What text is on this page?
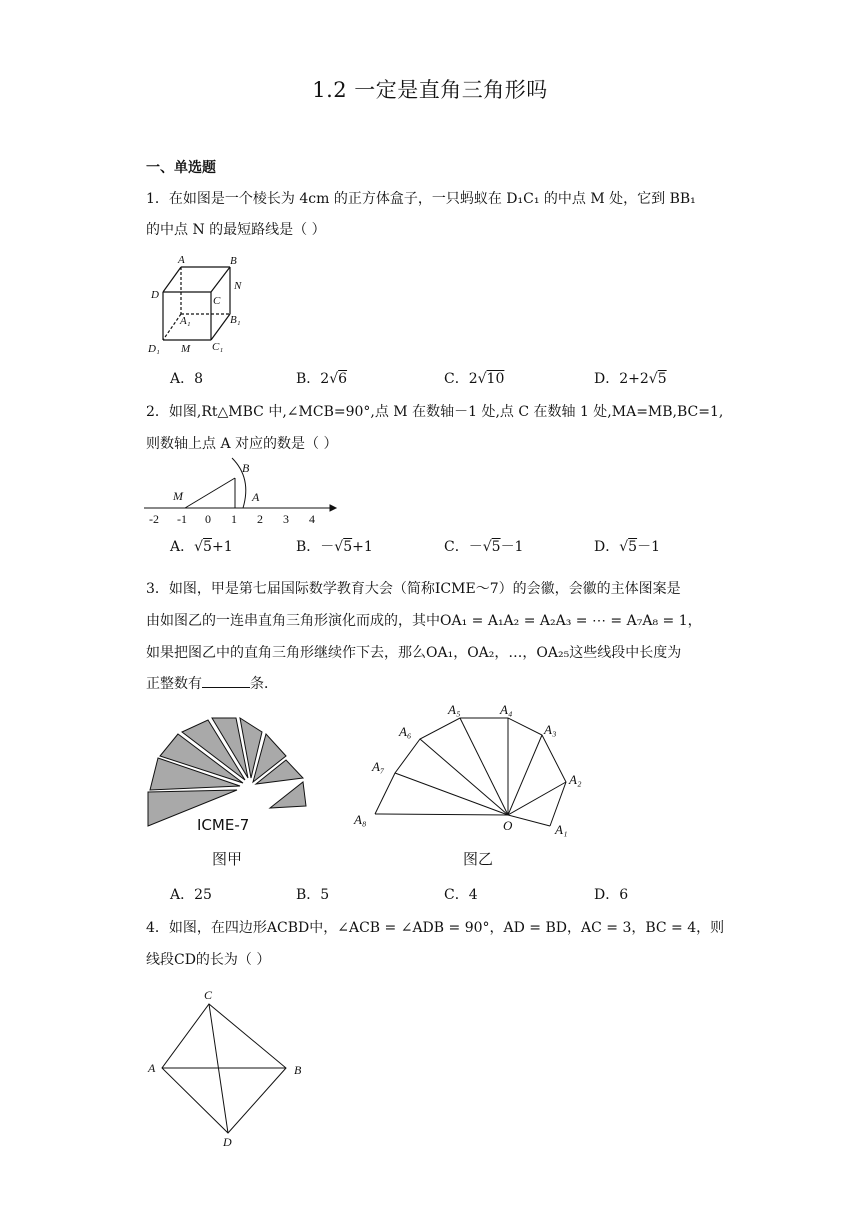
1.2 一定是直角三角形吗
一、单选题
1．在如图是一个棱长为 4cm 的正方体盒子，一只蚂蚁在 D₁C₁ 的中点 M 处，它到 BB₁
的中点 N 的最短路线是（ ）
A	B
D
N
C
A₁	B₁
D₁ M C₁
A．8	B．2√6	C．2√10	D．2+2√5
2．如图,Rt△MBC 中,∠MCB=90°,点 M 在数轴－1 处,点 C 在数轴 1 处,MA=MB,BC=1,
则数轴上点 A 对应的数是（ ）
B
M	A
-2 -1 0 1 2 3 4
A．√5+1	B．－√5+1	C．－√5－1	D．√5－1
3．如图，甲是第七届国际数学教育大会（简称ICME～7）的会徽，会徽的主体图案是
由如图乙的一连串直角三角形演化而成的，其中OA₁ = A₁A₂ = A₂A₃ = ⋯ = A₇A₈ = 1，
如果把图乙中的直角三角形继续作下去，那么OA₁，OA₂，…，OA₂₅这些线段中长度为
正整数有	条．
ICME-7
图甲
O	A₁
A₂
A₃
A₄
A₅
A₆
A₇
A₈
图乙
A．25	B．5	C．4	D．6
4．如图，在四边形ACBD中，∠ACB = ∠ADB = 90°，AD = BD，AC = 3，BC = 4，则
线段CD的长为（ ）
C
A	B
D
